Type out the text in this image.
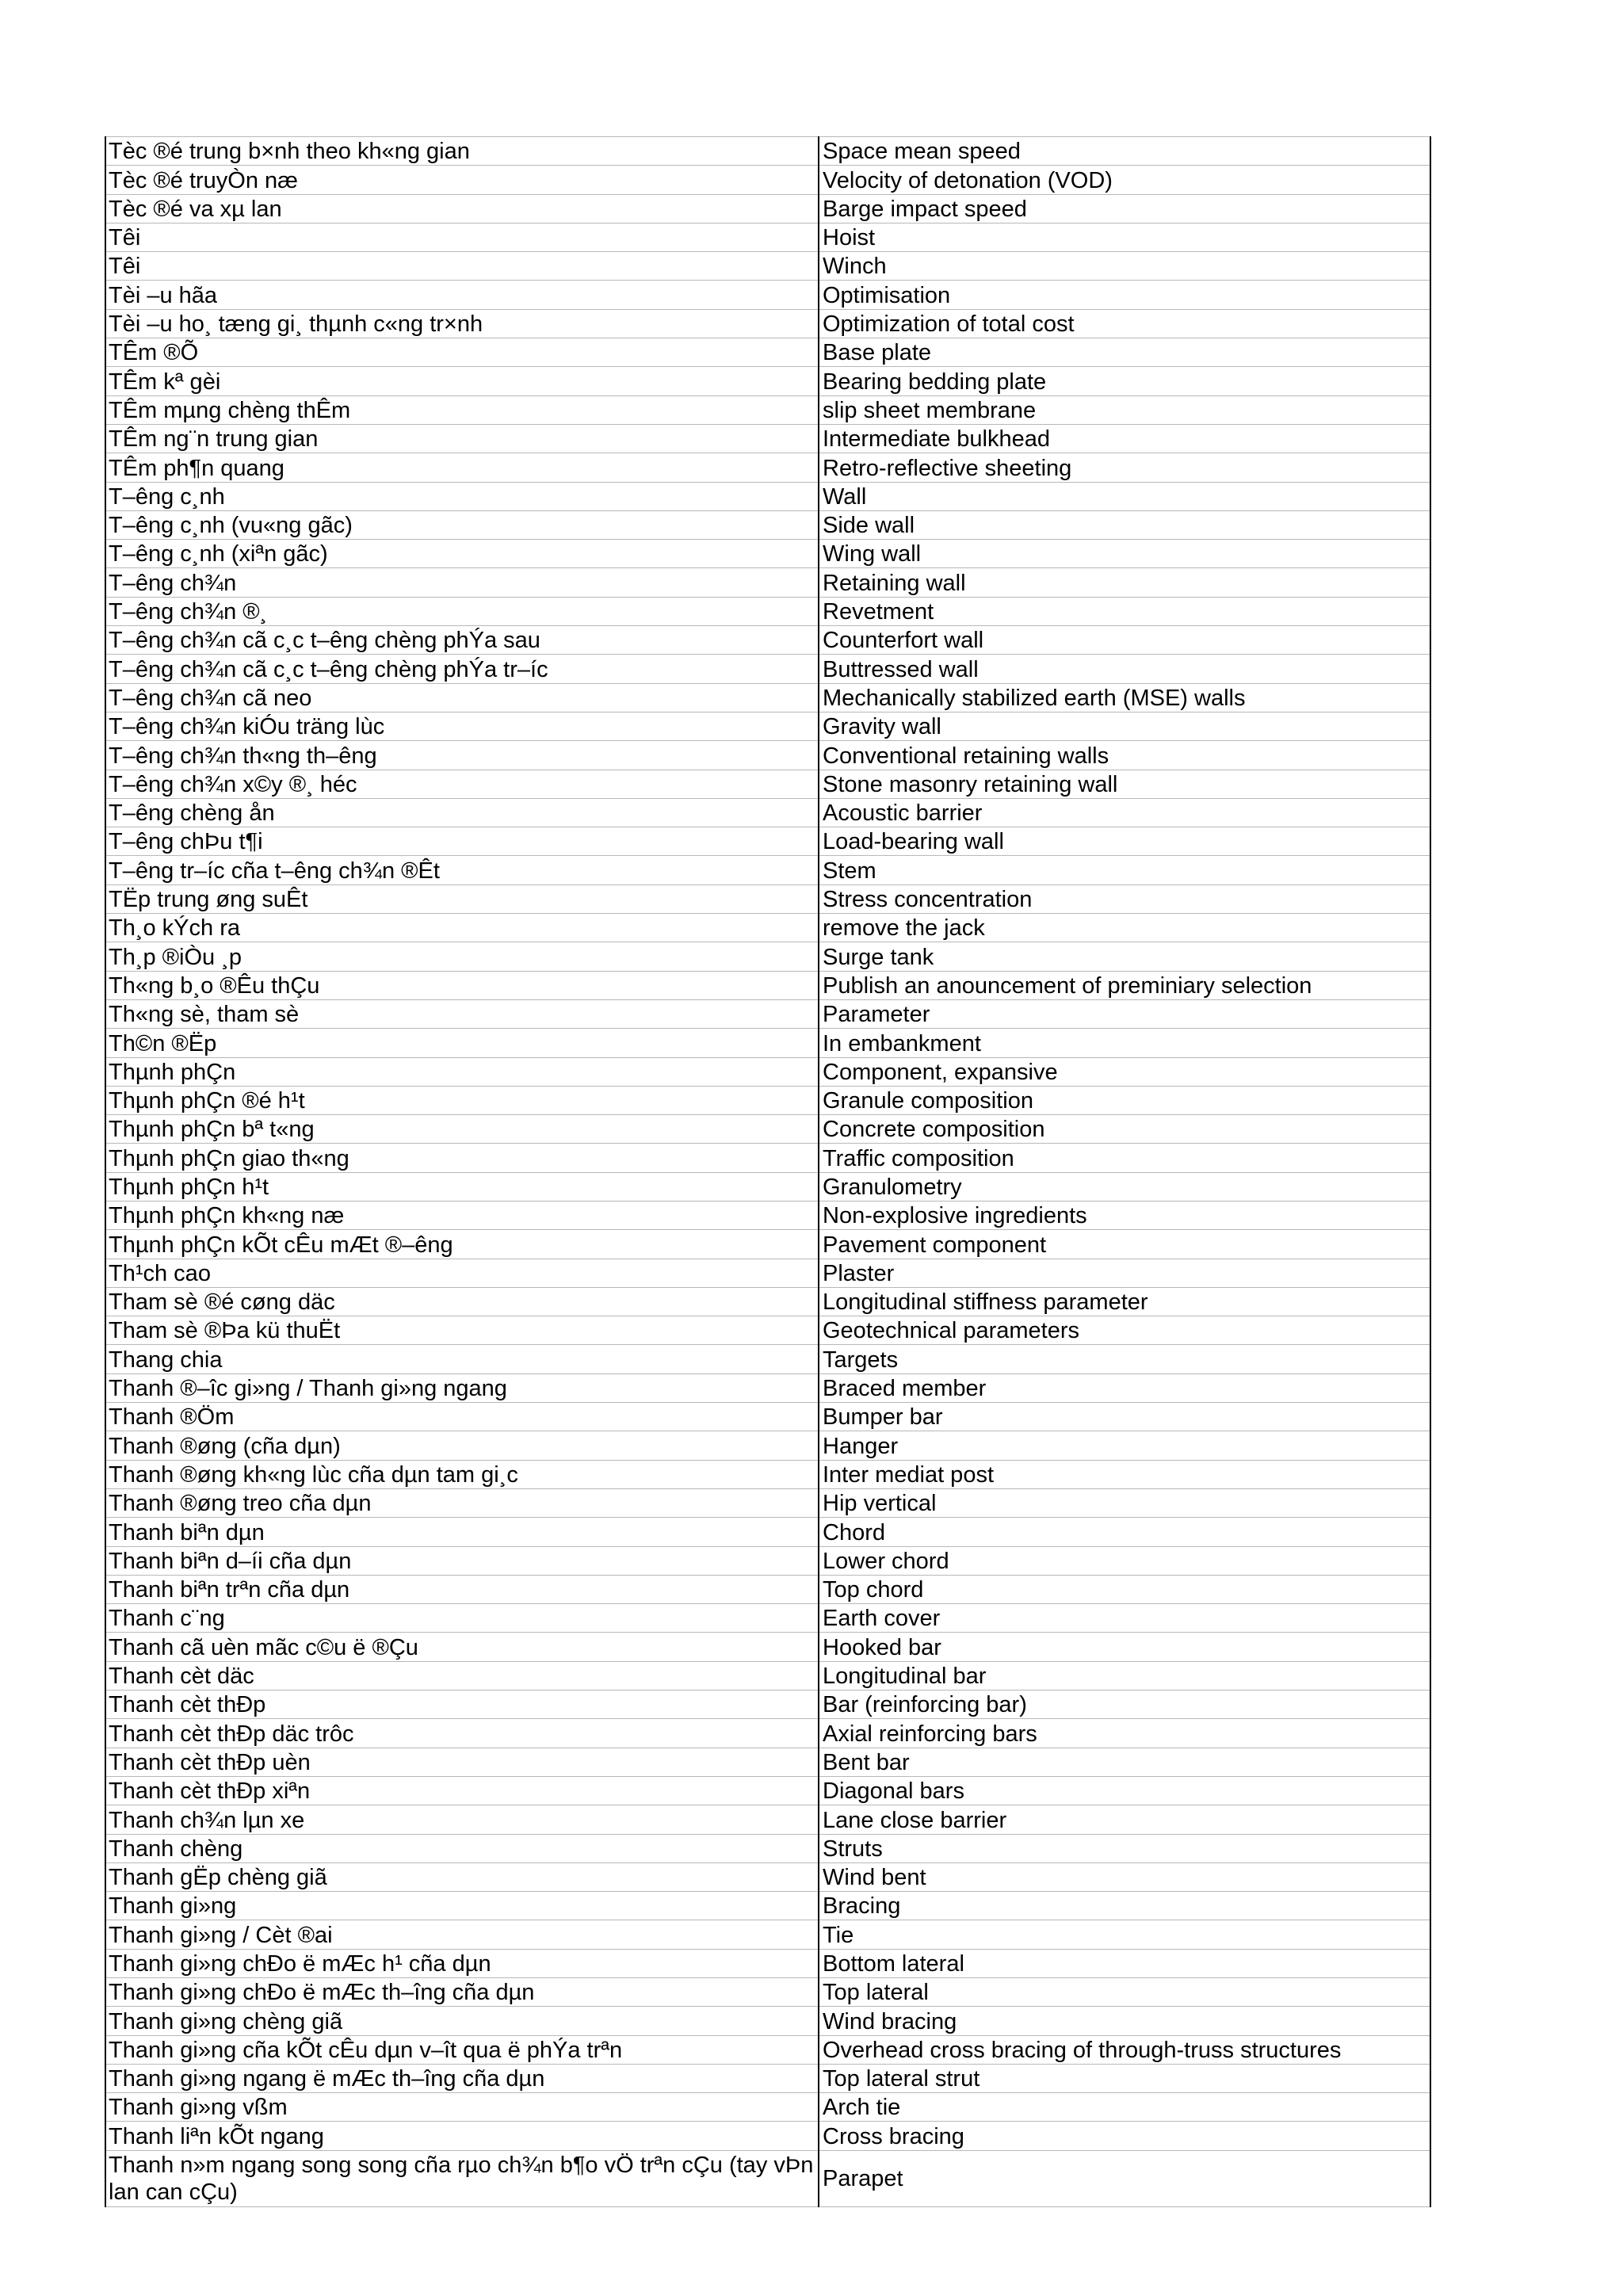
Tèc ®é trung b×nh theo kh«ng gian	Space mean speed
Tèc ®é truyÒn næ	Velocity of detonation (VOD)
Tèc ®é va xµ lan	Barge impact speed
Têi	Hoist
Têi	Winch
Tèi –u hãa	Optimisation
Tèi –u ho¸ tæng gi¸ thµnh c«ng tr×nh	Optimization of total cost
TÊm ®Õ	Base plate
TÊm kª gèi	Bearing bedding plate
TÊm mµng chèng thÊm	slip sheet membrane
TÊm ng¨n trung gian	Intermediate bulkhead
TÊm ph¶n quang	Retro-reflective sheeting
T–êng c¸nh	Wall
T–êng c¸nh (vu«ng gãc)	Side wall
T–êng c¸nh (xiªn gãc)	Wing wall
T–êng ch¾n	Retaining wall
T–êng ch¾n ®¸	Revetment
T–êng ch¾n cã c¸c t–êng chèng phÝa sau	Counterfort wall
T–êng ch¾n cã c¸c t–êng chèng phÝa tr–íc	Buttressed wall
T–êng ch¾n cã neo	Mechanically stabilized earth (MSE) walls
T–êng ch¾n kiÓu träng lùc	Gravity wall
T–êng ch¾n th«ng th–êng	Conventional retaining walls
T–êng ch¾n x©y ®¸ héc	Stone masonry retaining wall
T–êng chèng ån	Acoustic barrier
T–êng chÞu t¶i	Load-bearing wall
T–êng tr–íc cña t–êng ch¾n ®Êt	Stem
TËp trung øng suÊt	Stress concentration
Th¸o kÝch ra	remove the jack
Th¸p ®iÒu ¸p	Surge tank
Th«ng b¸o ®Êu thÇu	Publish an anouncement of preminiary selection
Th«ng sè, tham sè	Parameter
Th©n ®Ëp	In embankment
Thµnh phÇn	Component, expansive
Thµnh phÇn ®é h¹t	Granule composition
Thµnh phÇn bª t«ng	Concrete composition
Thµnh phÇn giao th«ng	Traffic composition
Thµnh phÇn h¹t	Granulometry
Thµnh phÇn kh«ng næ	Non-explosive ingredients
Thµnh phÇn kÕt cÊu mÆt ®–êng	Pavement component
Th¹ch cao	Plaster
Tham sè ®é cøng däc	Longitudinal stiffness parameter
Tham sè ®Þa kü thuËt	Geotechnical parameters
Thang chia	Targets
Thanh ®–îc gi»ng / Thanh gi»ng ngang	Braced member
Thanh ®Öm	Bumper bar
Thanh ®øng (cña dµn)	Hanger
Thanh ®øng kh«ng lùc cña dµn tam gi¸c	Inter mediat post
Thanh ®øng treo cña dµn	Hip vertical
Thanh biªn dµn	Chord
Thanh biªn d–íi cña dµn	Lower chord
Thanh biªn trªn cña dµn	Top chord
Thanh c¨ng	Earth cover
Thanh cã uèn mãc c©u ë ®Çu	Hooked bar
Thanh cèt däc	Longitudinal bar
Thanh cèt thÐp	Bar (reinforcing bar)
Thanh cèt thÐp däc trôc	Axial reinforcing bars
Thanh cèt thÐp uèn	Bent bar
Thanh cèt thÐp xiªn	Diagonal bars
Thanh ch¾n lµn xe	Lane close barrier
Thanh chèng	Struts
Thanh gËp chèng giã	Wind bent
Thanh gi»ng	Bracing
Thanh gi»ng / Cèt ®ai	Tie
Thanh gi»ng chÐo ë mÆc h¹ cña dµn	Bottom lateral
Thanh gi»ng chÐo ë mÆc th–îng cña dµn	Top lateral
Thanh gi»ng chèng giã	Wind bracing
Thanh gi»ng cña kÕt cÊu dµn v–ît qua ë phÝa trªn	Overhead cross bracing of through-truss structures
Thanh gi»ng ngang ë mÆc th–îng cña dµn	Top lateral strut
Thanh gi»ng vßm	Arch tie
Thanh liªn kÕt ngang	Cross bracing
Thanh n»m ngang song song cña rµo ch¾n b¶o vÖ trªn cÇu (tay vÞn lan can cÇu)	Parapet
